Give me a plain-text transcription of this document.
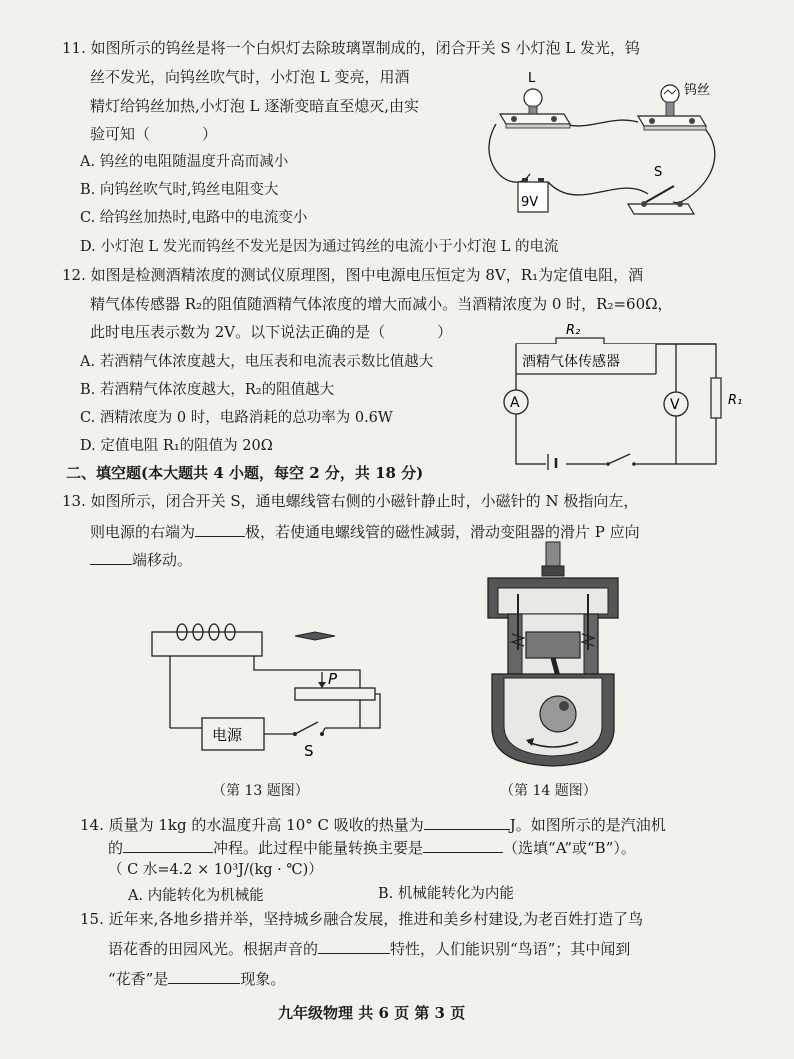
11. 如图所示的钨丝是将一个白炽灯去除玻璃罩制成的，闭合开关 S 小灯泡 L 发光，钨
丝不发光，向钨丝吹气时，小灯泡 L 变亮，用酒
精灯给钨丝加热,小灯泡 L 逐渐变暗直至熄灭,由实
验可知（	）
A. 钨丝的电阻随温度升高而减小
B. 向钨丝吹气时,钨丝电阻变大
C. 给钨丝加热时,电路中的电流变小
D. 小灯泡 L 发光而钨丝不发光是因为通过钨丝的电流小于小灯泡 L 的电流
L
钨丝
9V
S
12. 如图是检测酒精浓度的测试仪原理图，图中电源电压恒定为 8V，R₁为定值电阻，酒
精气体传感器 R₂的阻值随酒精气体浓度的增大而减小。当酒精浓度为 0 时，R₂=60Ω，
此时电压表示数为 2V。以下说法正确的是（	）
A. 若酒精气体浓度越大，电压表和电流表示数比值越大
B. 若酒精气体浓度越大，R₂的阻值越大
C. 酒精浓度为 0 时，电路消耗的总功率为 0.6W
D. 定值电阻 R₁的阻值为 20Ω
R₂
酒精气体传感器
A	V	R₁
二、填空题(本大题共 4 小题，每空 2 分，共 18 分)
13. 如图所示，闭合开关 S，通电螺线管右侧的小磁针静止时，小磁针的 N 极指向左，
则电源的右端为	极，若使通电螺线管的磁性减弱，滑动变阻器的滑片 P 应向
端移动。
P
电源
S
（第 13 题图）	（第 14 题图）
14. 质量为 1kg 的水温度升高 10° C 吸收的热量为	J。如图所示的是汽油机
的	冲程。此过程中能量转换主要是	（选填“A”或“B”）。
（ C 水=4.2 × 10³J/(kg · ℃)）
A. 内能转化为机械能	B. 机械能转化为内能
15. 近年来,各地乡措并举，坚持城乡融合发展，推进和美乡村建设,为老百姓打造了鸟
语花香的田园风光。根据声音的	特性，人们能识别“鸟语”；其中闻到
“花香”是	现象。
九年级物理 共 6 页 第 3 页
